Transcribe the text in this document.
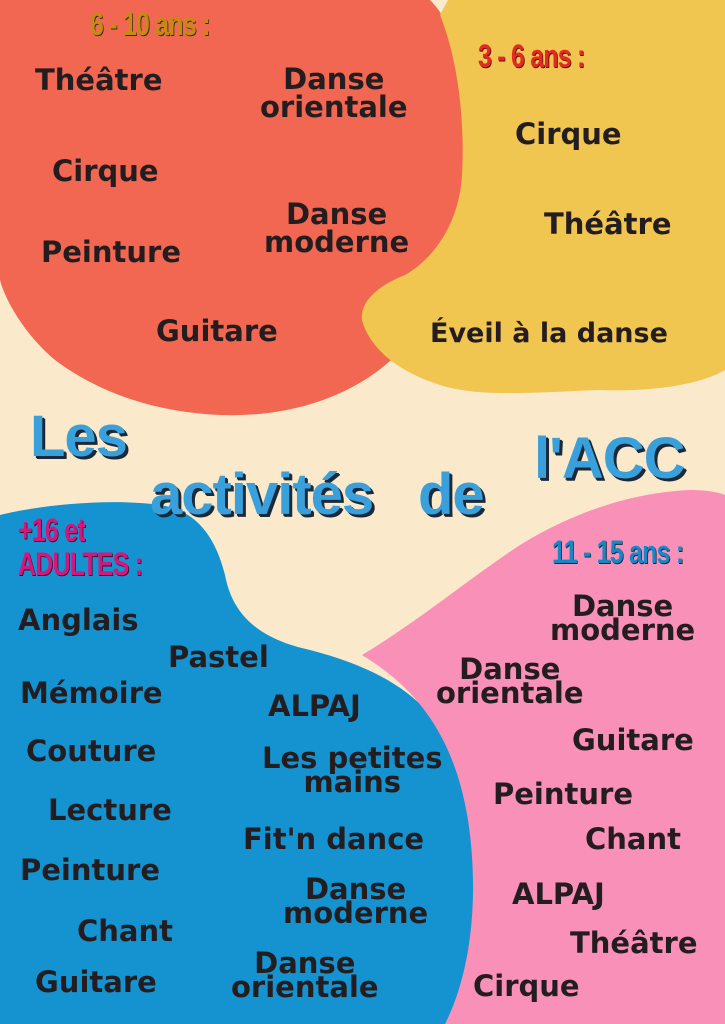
Les
activités de
l'ACC
6 - 10 ans :
Théâtre	Danse
orientale
Cirque
Danse
moderne
Peinture
Guitare
3 - 6 ans :
Cirque
Théâtre
Éveil à la danse
+16 et
ADULTES :
Anglais
Pastel
Mémoire	ALPAJ
Couture	Les petites
mains
Lecture
Fit'n dance
Peinture
Danse
moderne
Chant
Danse
orientale
Guitare
11 - 15 ans :
Danse
moderne
Danse
orientale
Guitare
Peinture
Chant
ALPAJ
Théâtre
Cirque
